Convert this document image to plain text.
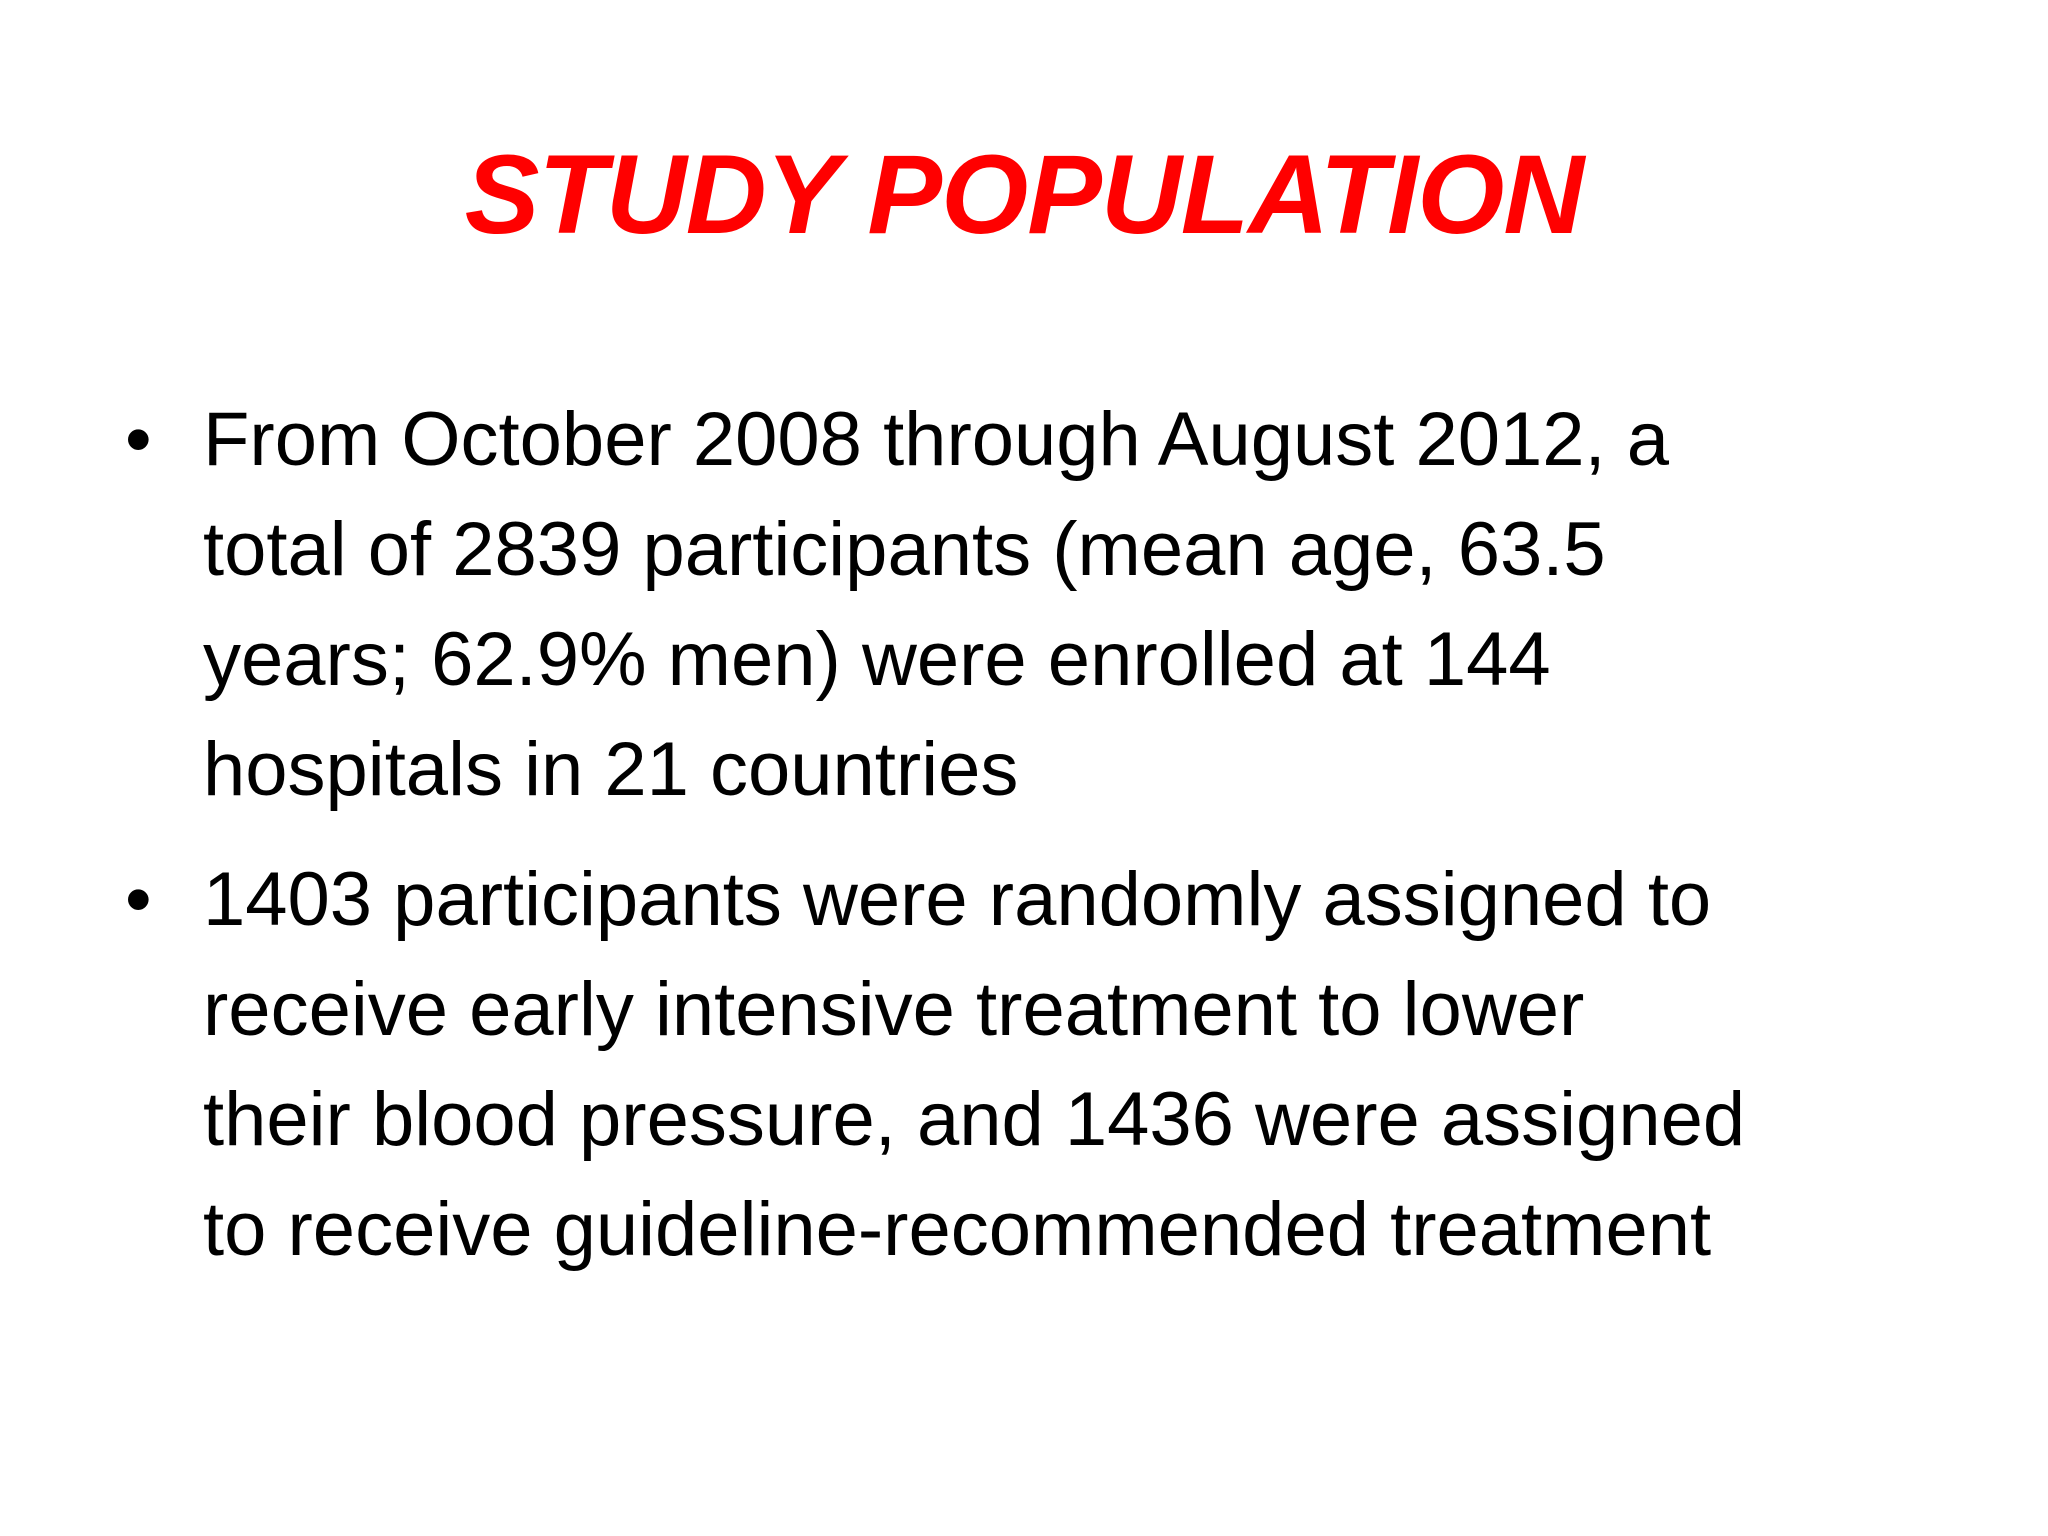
STUDY POPULATION
• From October 2008 through August 2012, a
total of 2839 participants (mean age, 63.5
years; 62.9% men) were enrolled at 144
hospitals in 21 countries
• 1403 participants were randomly assigned to
receive early intensive treatment to lower
their blood pressure, and 1436 were assigned
to receive guideline-recommended treatment
